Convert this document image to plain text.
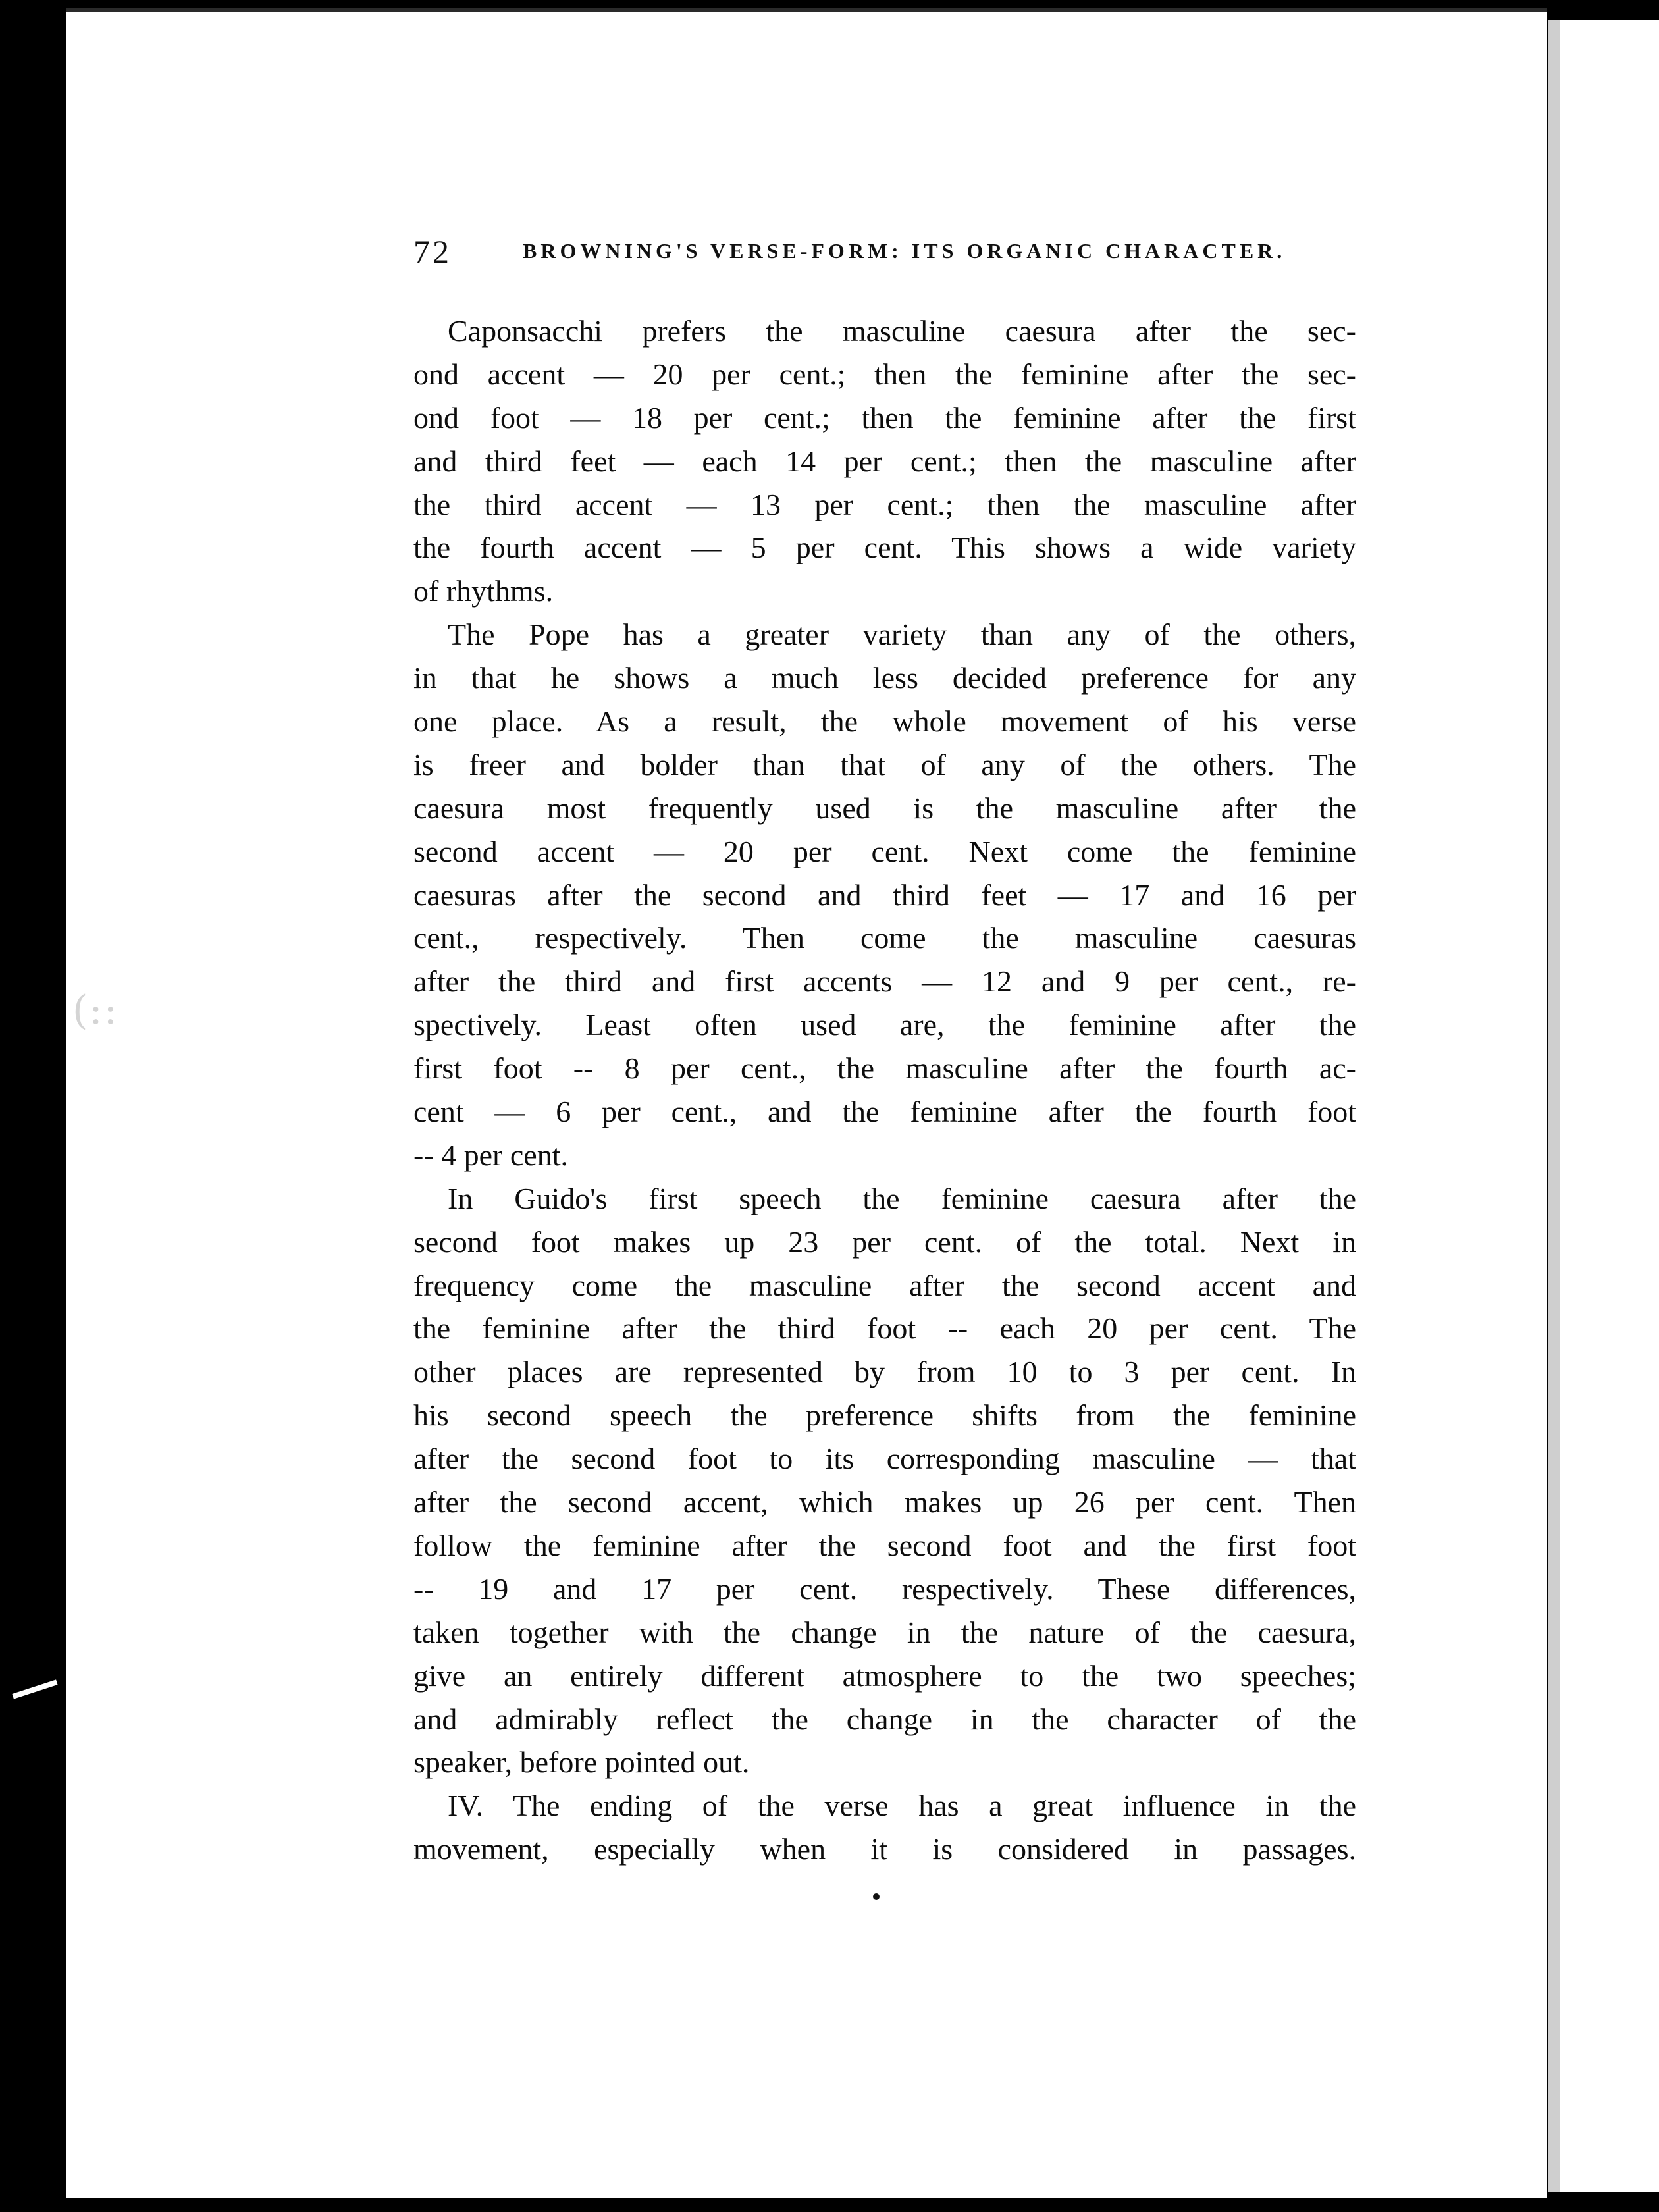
(::
72	BROWNING'S VERSE-FORM: ITS ORGANIC CHARACTER.
Caponsacchi prefers the masculine caesura after the sec-
ond accent — 20 per cent.; then the feminine after the sec-
ond foot — 18 per cent.; then the feminine after the first
and third feet — each 14 per cent.; then the masculine after
the third accent — 13 per cent.; then the masculine after
the fourth accent — 5 per cent. This shows a wide variety
of rhythms.
The Pope has a greater variety than any of the others,
in that he shows a much less decided preference for any
one place. As a result, the whole movement of his verse
is freer and bolder than that of any of the others. The
caesura most frequently used is the masculine after the
second accent — 20 per cent. Next come the feminine
caesuras after the second and third feet — 17 and 16 per
cent., respectively. Then come the masculine caesuras
after the third and first accents — 12 and 9 per cent., re-
spectively. Least often used are, the feminine after the
first foot -- 8 per cent., the masculine after the fourth ac-
cent — 6 per cent., and the feminine after the fourth foot
-- 4 per cent.
In Guido's first speech the feminine caesura after the
second foot makes up 23 per cent. of the total. Next in
frequency come the masculine after the second accent and
the feminine after the third foot -- each 20 per cent. The
other places are represented by from 10 to 3 per cent. In
his second speech the preference shifts from the feminine
after the second foot to its corresponding masculine — that
after the second accent, which makes up 26 per cent. Then
follow the feminine after the second foot and the first foot
-- 19 and 17 per cent. respectively. These differences,
taken together with the change in the nature of the caesura,
give an entirely different atmosphere to the two speeches;
and admirably reflect the change in the character of the
speaker, before pointed out.
IV. The ending of the verse has a great influence in the
movement, especially when it is considered in passages.
